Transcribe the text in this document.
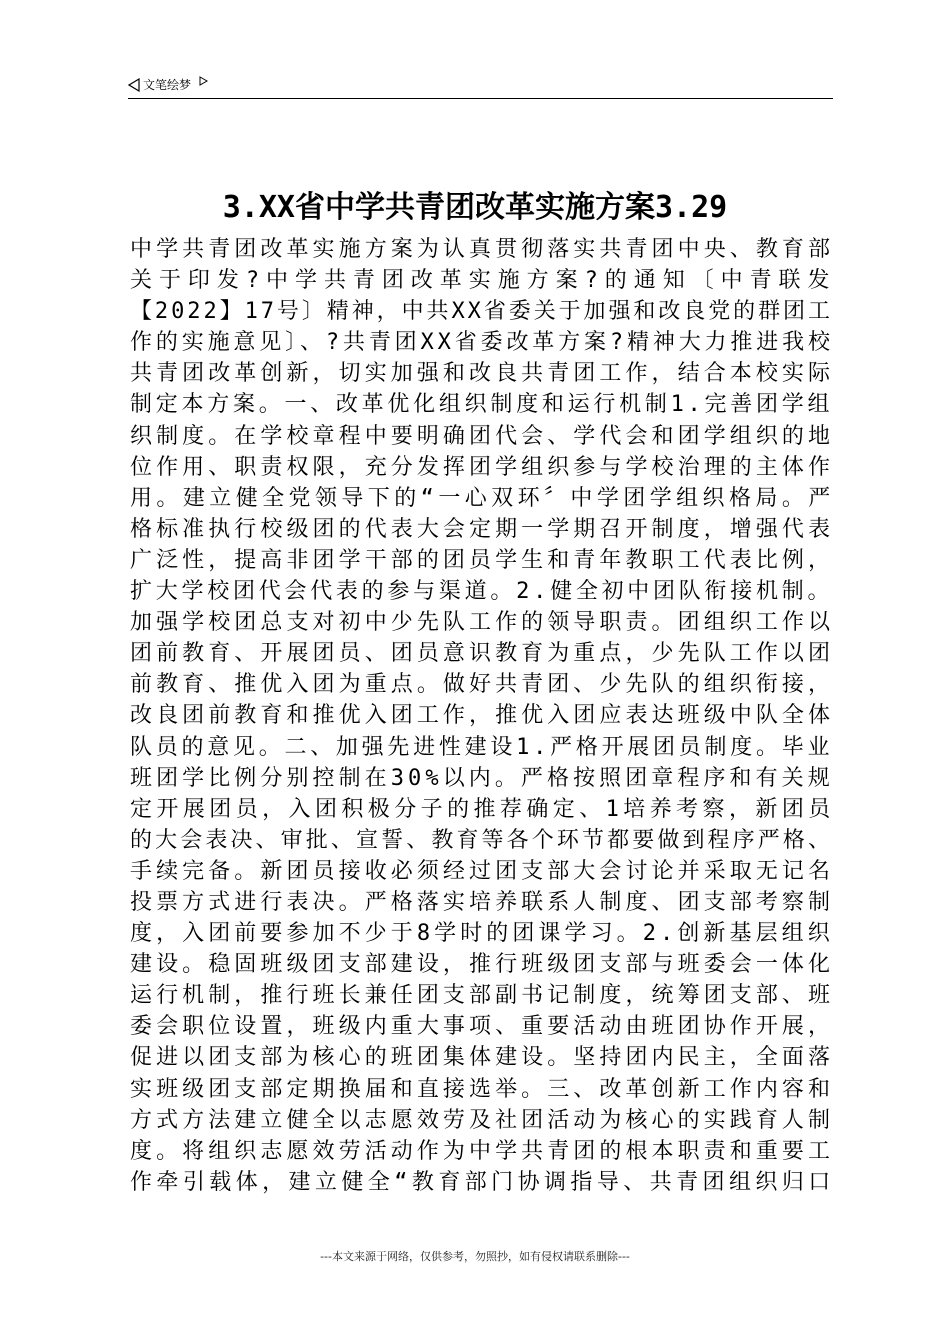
文笔绘梦
3.XX省中学共青团改革实施方案3.29
中学共青团改革实施方案为认真贯彻落实共青团中央、教育部
关于印发?中学共青团改革实施方案?的通知〔中青联发
【2022】17号〕精神，中共XX省委关于加强和改良党的群团工
作的实施意见〕、?共青团XX省委改革方案?精神大力推进我校
共青团改革创新，切实加强和改良共青团工作，结合本校实际
制定本方案。一、改革优化组织制度和运行机制1.完善团学组
织制度。在学校章程中要明确团代会、学代会和团学组织的地
位作用、职责权限，充分发挥团学组织参与学校治理的主体作
用。建立健全党领导下的“一心双环〞中学团学组织格局。严
格标准执行校级团的代表大会定期一学期召开制度，增强代表
广泛性，提高非团学干部的团员学生和青年教职工代表比例，
扩大学校团代会代表的参与渠道。2.健全初中团队衔接机制。
加强学校团总支对初中少先队工作的领导职责。团组织工作以
团前教育、开展团员、团员意识教育为重点，少先队工作以团
前教育、推优入团为重点。做好共青团、少先队的组织衔接，
改良团前教育和推优入团工作，推优入团应表达班级中队全体
队员的意见。二、加强先进性建设1.严格开展团员制度。毕业
班团学比例分别控制在30%以内。严格按照团章程序和有关规
定开展团员，入团积极分子的推荐确定、1培养考察，新团员
的大会表决、审批、宣誓、教育等各个环节都要做到程序严格、
手续完备。新团员接收必须经过团支部大会讨论并采取无记名
投票方式进行表决。严格落实培养联系人制度、团支部考察制
度，入团前要参加不少于8学时的团课学习。2.创新基层组织
建设。稳固班级团支部建设，推行班级团支部与班委会一体化
运行机制，推行班长兼任团支部副书记制度，统筹团支部、班
委会职位设置，班级内重大事项、重要活动由班团协作开展，
促进以团支部为核心的班团集体建设。坚持团内民主，全面落
实班级团支部定期换届和直接选举。三、改革创新工作内容和
方式方法建立健全以志愿效劳及社团活动为核心的实践育人制
度。将组织志愿效劳活动作为中学共青团的根本职责和重要工
作牵引载体，建立健全“教育部门协调指导、共青团组织归口
---本文来源于网络，仅供参考，勿照抄，如有侵权请联系删除---
